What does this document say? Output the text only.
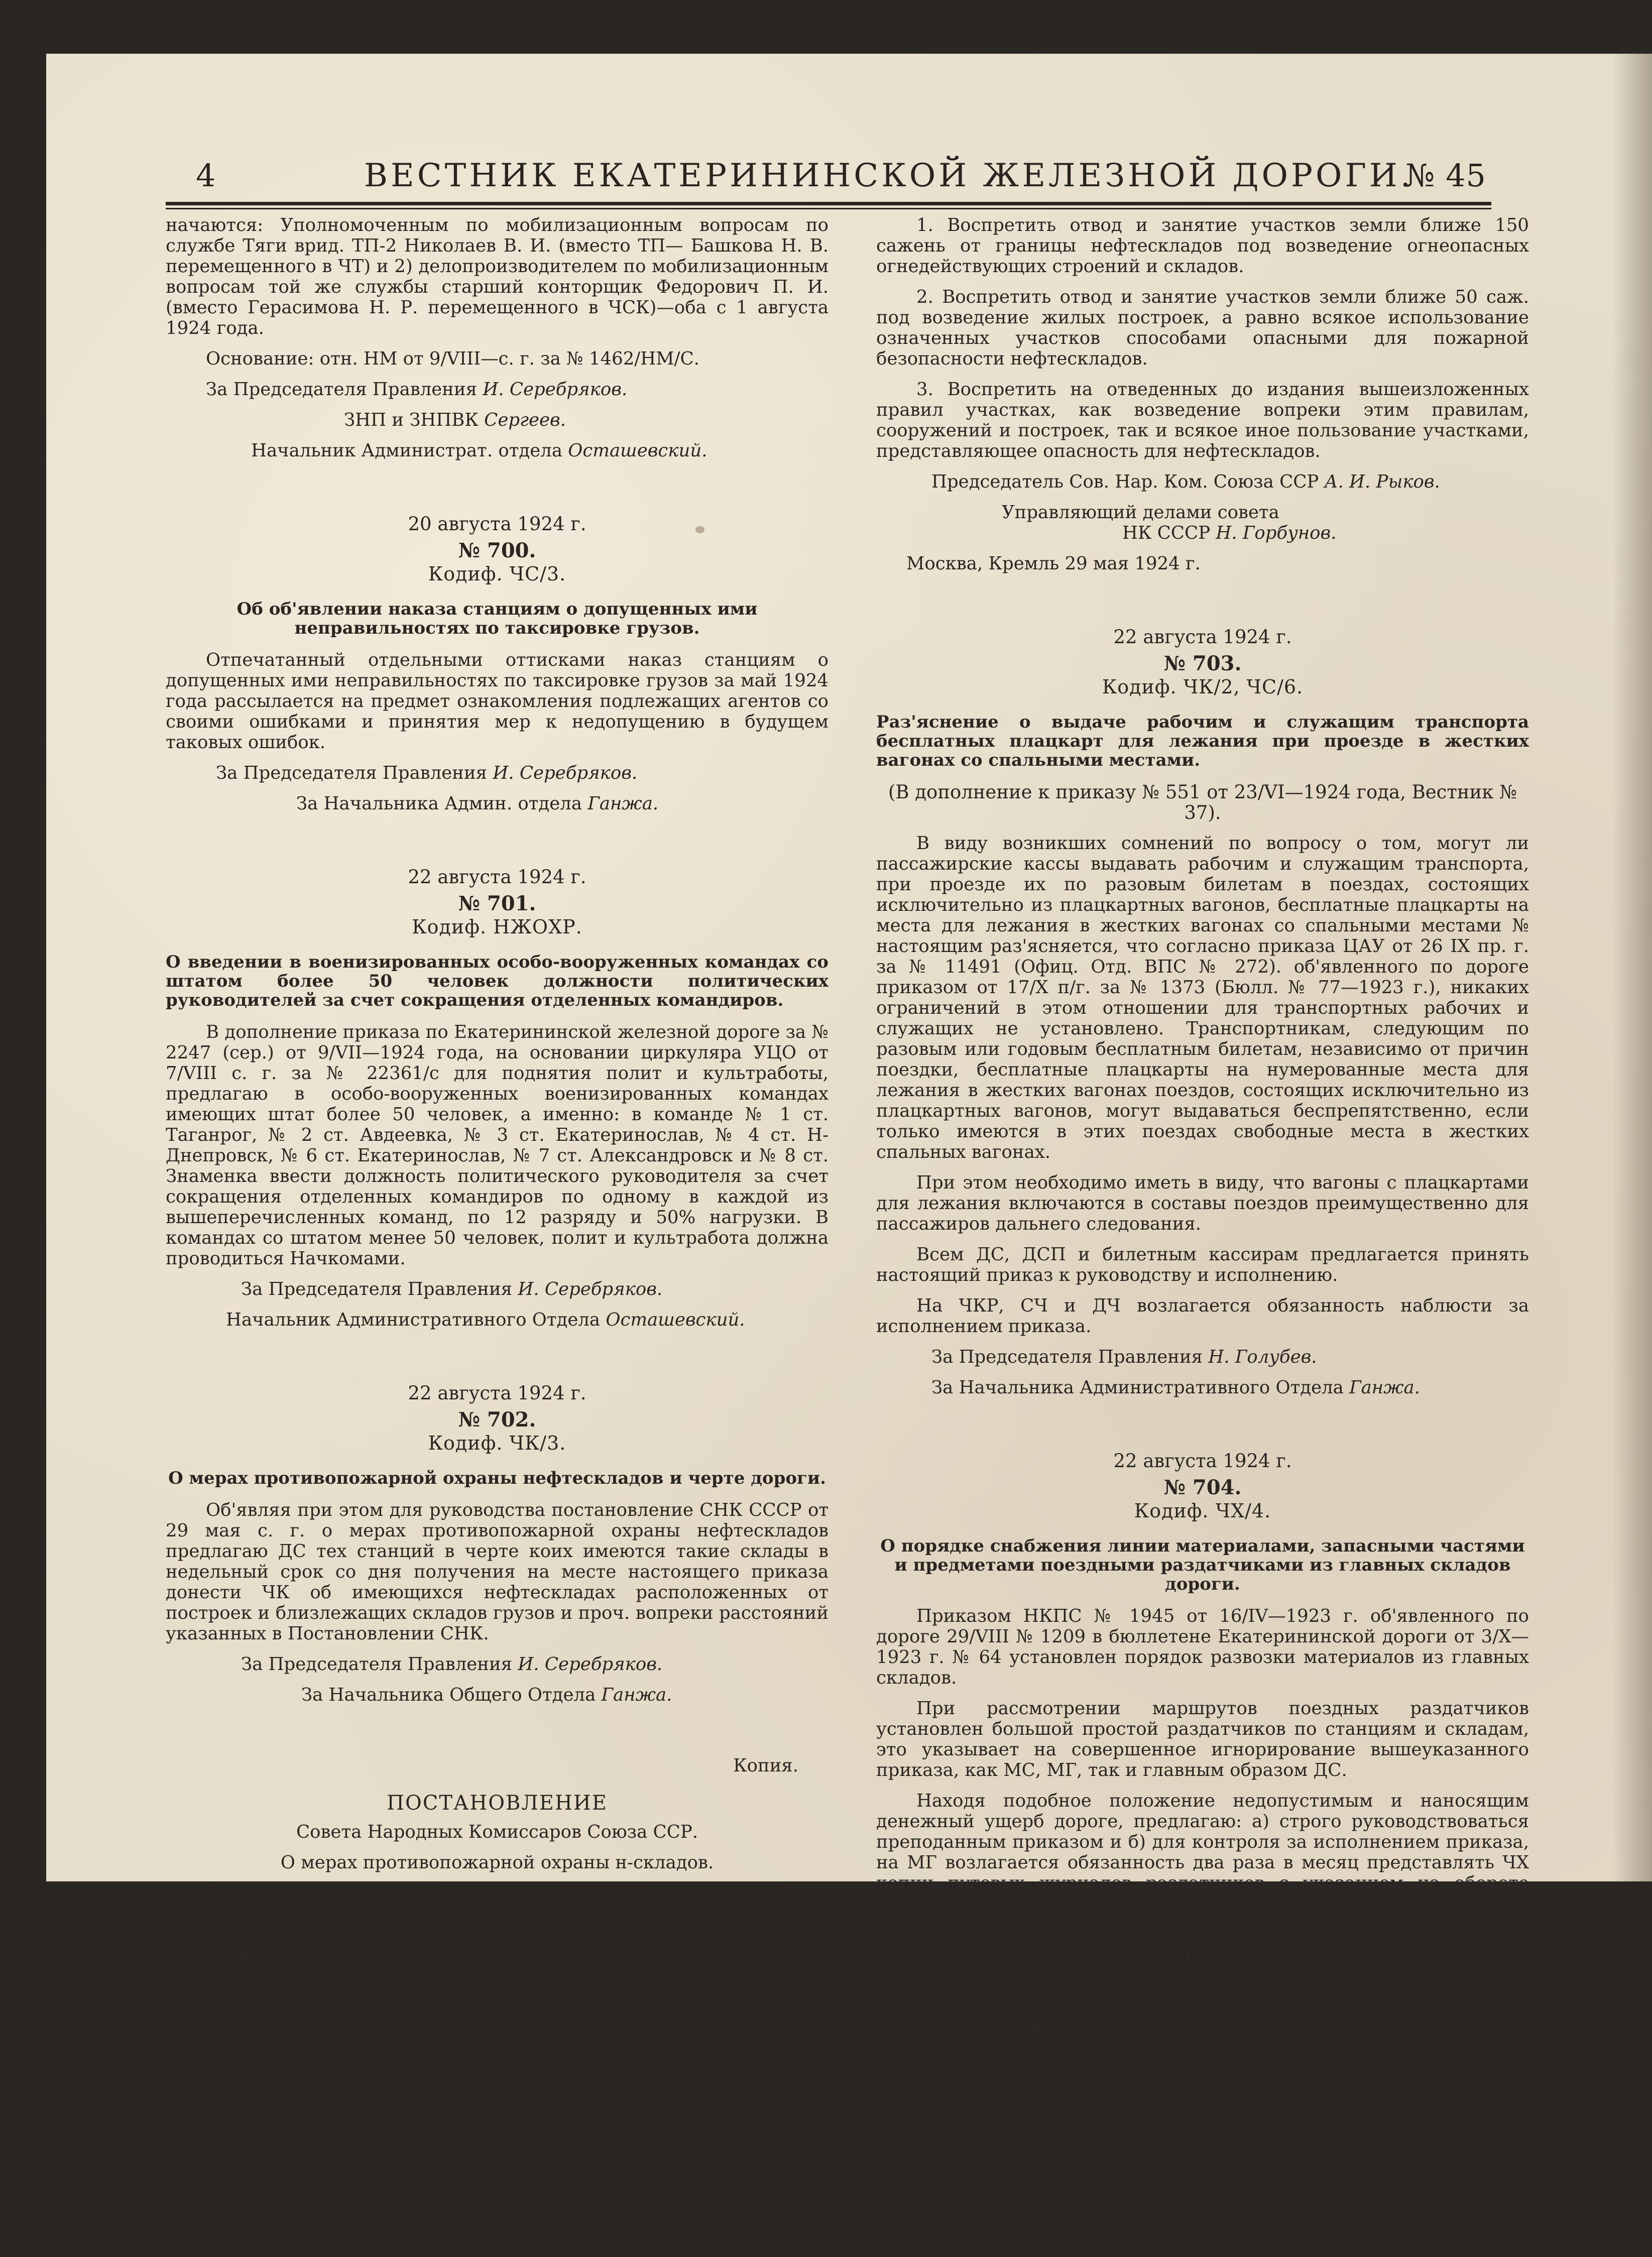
4	ВЕСТНИК ЕКАТЕРИНИНСКОЙ ЖЕЛЕЗНОЙ ДОРОГИ.
№ 45

начаются: Уполномоченным по мобилизационным вопросам по службе Тяги врид. ТП-2 Николаев В. И. (вместо ТП— Башкова Н. В. перемещенного в ЧТ) и 2) делопроизводителем по мобилизационным вопросам той же службы старший конторщик Федорович П. И. (вместо Герасимова Н. Р. перемещенного в ЧСК)—оба с 1 августа 1924 года.

Основание: отн. НМ от 9/VIII—с. г. за № 1462/НМ/С.

За Председателя Правления И. Серебряков.

ЗНП и ЗНПВК Сергеев.

Начальник Администрат. отдела Осташевский.

20 августа 1924 г.
№ 700.
Кодиф. ЧС/3.
Об об'явлении наказа станциям о допущенных ими неправильностях по таксировке грузов.

Отпечатанный отдельными оттисками наказ станциям о допущенных ими неправильностях по таксировке грузов за май 1924 года рассылается на предмет ознакомления подлежащих агентов со своими ошибками и принятия мер к недопущению в будущем таковых ошибок.

За Председателя Правления И. Серебряков.

За Начальника Админ. отдела Ганжа.

22 августа 1924 г.
№ 701.
Кодиф. НЖОХР.
О введении в военизированных особо-вооруженных командах со штатом более 50 человек должности политических руководителей за счет сокращения отделенных командиров.

В дополнение приказа по Екатерининской железной дороге за № 2247 (сер.) от 9/VII—1924 года, на основании циркуляра УЦО от 7/VIII с. г. за № 22361/с для поднятия полит и культработы, предлагаю в особо-вооруженных военизированных командах имеющих штат более 50 человек, а именно: в команде № 1 ст. Таганрог, № 2 ст. Авдеевка, № 3 ст. Екатеринослав, № 4 ст. Н-Днепровск, № 6 ст. Екатеринослав, № 7 ст. Александровск и № 8 ст. Знаменка ввести должность политического руководителя за счет сокращения отделенных командиров по одному в каждой из вышеперечисленных команд, по 12 разряду и 50% нагрузки. В командах со штатом менее 50 человек, полит и культработа должна проводиться Начкомами.

За Председателя Правления И. Серебряков.

Начальник Административного Отдела Осташевский.

22 августа 1924 г.
№ 702.
Кодиф. ЧК/3.
О мерах противопожарной охраны нефтескладов и черте дороги.

Об'являя при этом для руководства постановление СНК СССР от 29 мая с. г. о мерах противопожарной охраны нефтескладов предлагаю ДС тех станций в черте коих имеются такие склады в недельный срок со дня получения на месте настоящего приказа донести ЧК об имеющихся нефтескладах расположенных от построек и близлежащих складов грузов и проч. вопреки расстояний указанных в Постановлении СНК.

За Председателя Правления И. Серебряков.

За Начальника Общего Отдела Ганжа.

Копия.
ПОСТАНОВЛЕНИЕ
Совета Народных Комиссаров Союза ССР.
О мерах противопожарной охраны н-складов.

В целях охраны нефтескладов нефтяного синдиката, Совет Народных Комиссаров Союза ССР постановляет: предложить Советам Народных Комиссаров Союзных Республик принять следующие меры:

1. Воспретить отвод и занятие участков земли ближе 150 сажень от границы нефтескладов под возведение огнеопасных огнедействующих строений и складов.

2. Воспретить отвод и занятие участков земли ближе 50 саж. под возведение жилых построек, а равно всякое использование означенных участков способами опасными для пожарной безопасности нефтескладов.

3. Воспретить на отведенных до издания вышеизложенных правил участках, как возведение вопреки этим правилам, сооружений и построек, так и всякое иное пользование участками, представляющее опасность для нефтескладов.

Председатель Сов. Нар. Ком. Союза ССР А. И. Рыков.

Управляющий делами совета

НК СССР Н. Горбунов.

Москва, Кремль 29 мая 1924 г.

22 августа 1924 г.
№ 703.
Кодиф. ЧК/2, ЧС/6.
Раз'яснение о выдаче рабочим и служащим транспорта бесплатных плацкарт для лежания при проезде в жестких вагонах со спальными местами.
(В дополнение к приказу № 551 от 23/VI—1924 года, Вестник № 37).

В виду возникших сомнений по вопросу о том, могут ли пассажирские кассы выдавать рабочим и служащим транспорта, при проезде их по разовым билетам в поездах, состоящих исключительно из плацкартных вагонов, бесплатные плацкарты на места для лежания в жестких вагонах со спальными местами № настоящим раз'ясняется, что согласно приказа ЦАУ от 26 IX пр. г. за № 11491 (Офиц. Отд. ВПС № 272). об'явленного по дороге приказом от 17/X п/г. за № 1373 (Бюлл. № 77—1923 г.), никаких ограничений в этом отношении для транспортных рабочих и служащих не установлено. Транспортникам, следующим по разовым или годовым бесплатным билетам, независимо от причин поездки, бесплатные плацкарты на нумерованные места для лежания в жестких вагонах поездов, состоящих исключительно из плацкартных вагонов, могут выдаваться беспрепятственно, если только имеются в этих поездах свободные места в жестких спальных вагонах.

При этом необходимо иметь в виду, что вагоны с плацкартами для лежания включаются в составы поездов преимущественно для пассажиров дальнего следования.

Всем ДС, ДСП и билетным кассирам предлагается принять настоящий приказ к руководству и исполнению.

На ЧКР, СЧ и ДЧ возлагается обязанность наблюсти за исполнением приказа.

За Председателя Правления Н. Голубев.

За Начальника Административного Отдела Ганжа.

22 августа 1924 г.
№ 704.
Кодиф. ЧХ/4.
О порядке снабжения линии материалами, запасными частями и предметами поездными раздатчиками из главных складов дороги.

Приказом НКПС № 1945 от 16/IV—1923 г. об'явленного по дороге 29/VIII № 1209 в бюллетене Екатерининской дороги от 3/X—1923 г. № 64 установлен порядок развозки материалов из главных складов.

При рассмотрении маршрутов поездных раздатчиков установлен большой простой раздатчиков по станциям и складам, это указывает на совершенное игнорирование вышеуказанного приказа, как МС, МГ, так и главным образом ДС.

Находя подобное положение недопустимым и наносящим денежный ущерб дороге, предлагаю: а) строго руководствоваться преподанным приказом и б) для контроля за исполнением приказа, на МГ возлагается обязанность два раза в месяц представлять ЧХ копии путевых журналов раздатчиков с указанием на обороте журнала времени непроизводительного простоя раздатчика на каждой станции и на каждом складе отдельно.

При этом об'являетcя график движения поездных раздатчиков,—которым предписывается строго руководствоваться при поездках, при не выполнении его мною на виновных будут накладываться административные взыскания.
